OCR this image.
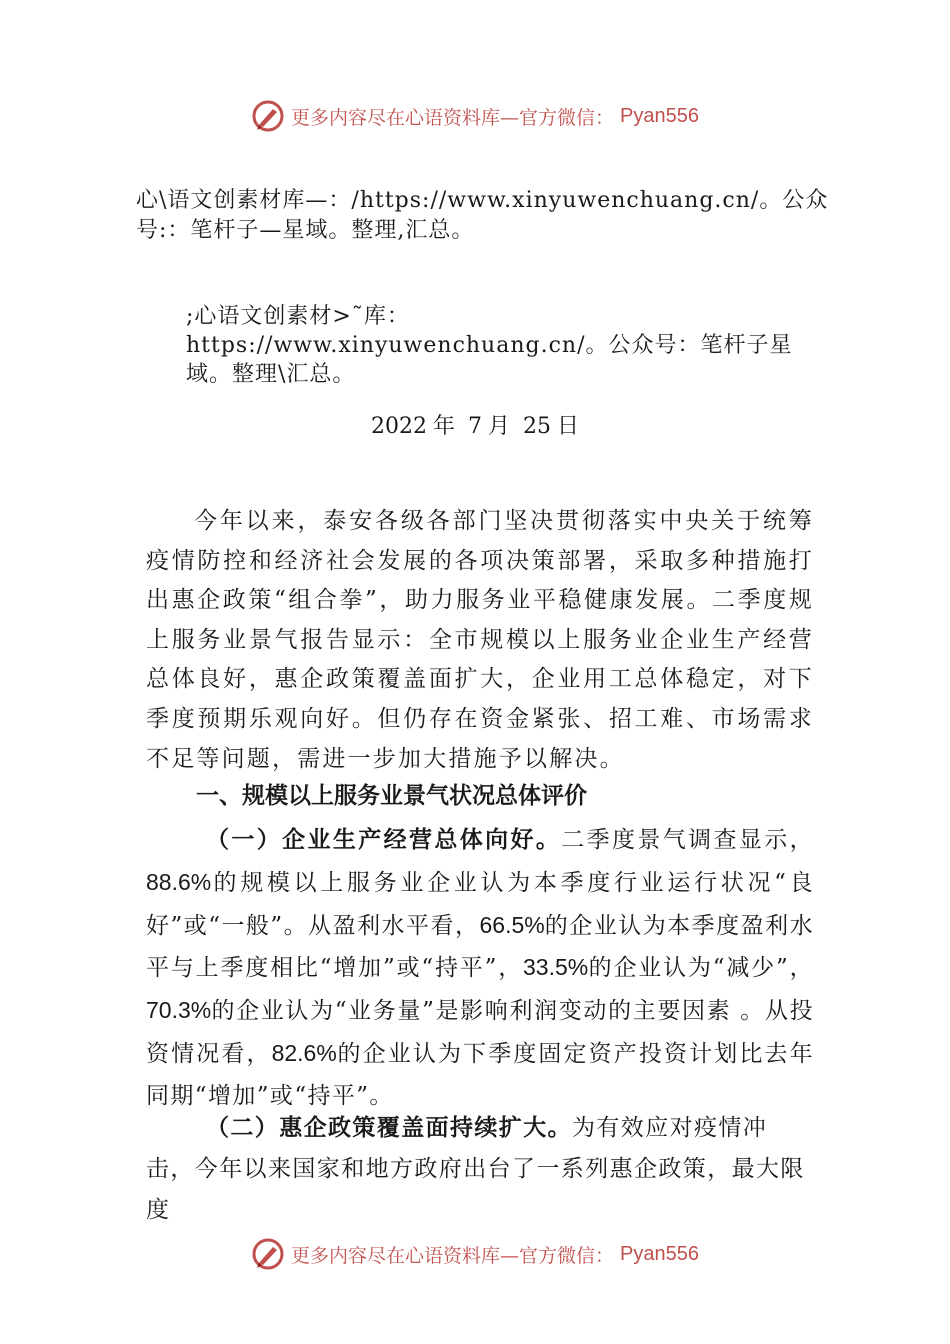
更多内容尽在心语资料库—官方微信： Pyan556
心\语文创素材库—：/https://www.xinyuwenchuang.cn/。公众号:：笔杆子—星域。整理,汇总。
;心语文创素材>˜库：https://www.xinyuwenchuang.cn/。公众号：笔杆子星域。整理\汇总。
2022 年 7 月 25 日
今年以来，泰安各级各部门坚决贯彻落实中央关于统筹疫情防控和经济社会发展的各项决策部署，采取多种措施打出惠企政策“组合拳”，助力服务业平稳健康发展。二季度规上服务业景气报告显示：全市规模以上服务业企业生产经营总体良好，惠企政策覆盖面扩大，企业用工总体稳定，对下季度预期乐观向好。但仍存在资金紧张、招工难、市场需求不足等问题，需进一步加大措施予以解决。
一、规模以上服务业景气状况总体评价
（一）企业生产经营总体向好。二季度景气调查显示，88.6%的规模以上服务业企业认为本季度行业运行状况“良好”或“一般”。从盈利水平看，66.5%的企业认为本季度盈利水平与上季度相比“增加”或“持平”，33.5%的企业认为“减少”，70.3%的企业认为“业务量”是影响利润变动的主要因素 。从投资情况看，82.6%的企业认为下季度固定资产投资计划比去年同期“增加”或“持平”。
（二）惠企政策覆盖面持续扩大。为有效应对疫情冲击，今年以来国家和地方政府出台了一系列惠企政策，最大限度
更多内容尽在心语资料库—官方微信： Pyan556
